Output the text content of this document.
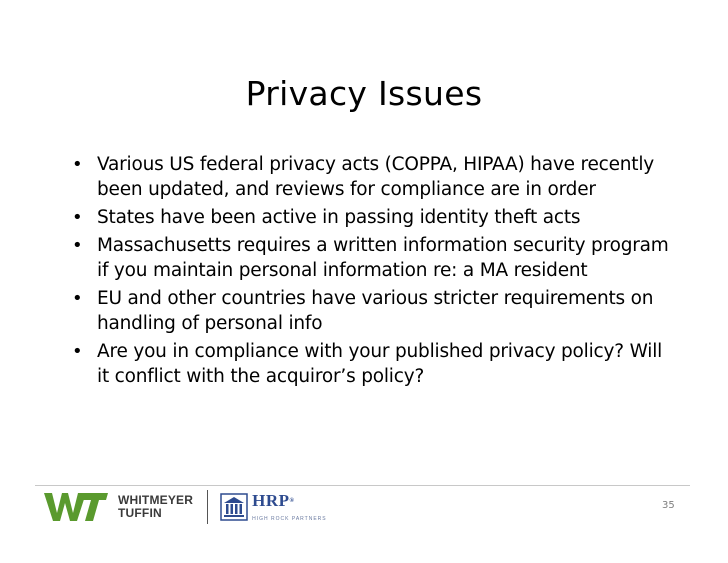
Privacy Issues
• Various US federal privacy acts (COPPA, HIPAA) have recently been updated, and reviews for compliance are in order
• States have been active in passing identity theft acts
• Massachusetts requires a written information security program if you maintain personal information re: a MA resident
• EU and other countries have various stricter requirements on handling of personal info
• Are you in compliance with your published privacy policy? Will it conflict with the acquiror’s policy?
WHITMEYER
TUFFIN
HRP®
HIGH ROCK PARTNERS
35
